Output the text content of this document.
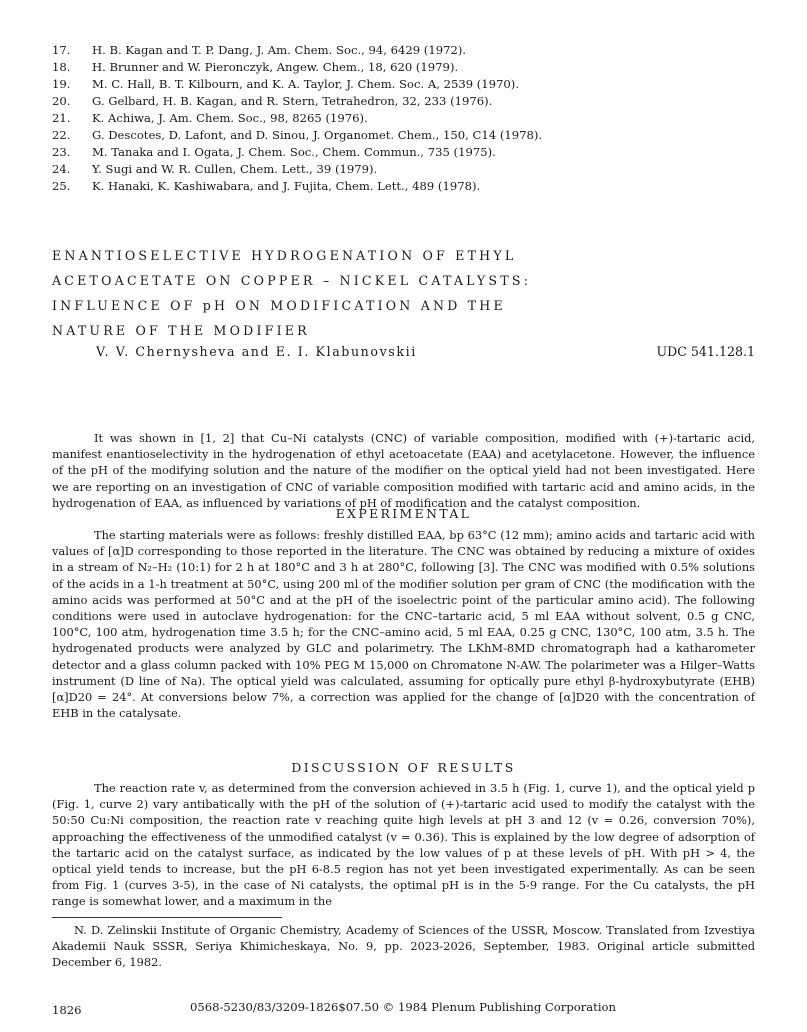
17.	H. B. Kagan and T. P. Dang, J. Am. Chem. Soc., 94, 6429 (1972).
18.	H. Brunner and W. Pieronczyk, Angew. Chem., 18, 620 (1979).
19.	M. C. Hall, B. T. Kilbourn, and K. A. Taylor, J. Chem. Soc. A, 2539 (1970).
20.	G. Gelbard, H. B. Kagan, and R. Stern, Tetrahedron, 32, 233 (1976).
21.	K. Achiwa, J. Am. Chem. Soc., 98, 8265 (1976).
22.	G. Descotes, D. Lafont, and D. Sinou, J. Organomet. Chem., 150, C14 (1978).
23.	M. Tanaka and I. Ogata, J. Chem. Soc., Chem. Commun., 735 (1975).
24.	Y. Sugi and W. R. Cullen, Chem. Lett., 39 (1979).
25.	K. Hanaki, K. Kashiwabara, and J. Fujita, Chem. Lett., 489 (1978).
ENANTIOSELECTIVE HYDROGENATION OF ETHYL
ACETOACETATE ON COPPER – NICKEL CATALYSTS:
INFLUENCE OF pH ON MODIFICATION AND THE
NATURE OF THE MODIFIER
V. V. Chernysheva and E. I. Klabunovskii	UDC 541.128.1

It was shown in [1, 2] that Cu–Ni catalysts (CNC) of variable composition, modified with (+)-tartaric acid, manifest enantioselectivity in the hydrogenation of ethyl acetoacetate (EAA) and acetylacetone. However, the influence of the pH of the modifying solution and the nature of the modifier on the optical yield had not been investigated. Here we are reporting on an investigation of CNC of variable composition modified with tartaric acid and amino acids, in the hydrogenation of EAA, as influenced by variations of pH of modification and the catalyst composition.

EXPERIMENTAL

The starting materials were as follows: freshly distilled EAA, bp 63°C (12 mm); amino acids and tartaric acid with values of [α]D corresponding to those reported in the literature. The CNC was obtained by reducing a mixture of oxides in a stream of N₂–H₂ (10:1) for 2 h at 180°C and 3 h at 280°C, following [3]. The CNC was modified with 0.5% solutions of the acids in a 1-h treatment at 50°C, using 200 ml of the modifier solution per gram of CNC (the modification with the amino acids was performed at 50°C and at the pH of the isoelectric point of the particular amino acid). The following conditions were used in autoclave hydrogenation: for the CNC–tartaric acid, 5 ml EAA without solvent, 0.5 g CNC, 100°C, 100 atm, hydrogenation time 3.5 h; for the CNC–amino acid, 5 ml EAA, 0.25 g CNC, 130°C, 100 atm, 3.5 h. The hydrogenated products were analyzed by GLC and polarimetry. The LKhM-8MD chromatograph had a katharometer detector and a glass column packed with 10% PEG M 15,000 on Chromatone N-AW. The polarimeter was a Hilger–Watts instrument (D line of Na). The optical yield was calculated, assuming for optically pure ethyl β-hydroxybutyrate (EHB) [α]D20 = 24°. At conversions below 7%, a correction was applied for the change of [α]D20 with the concentration of EHB in the catalysate.

DISCUSSION OF RESULTS

The reaction rate v, as determined from the conversion achieved in 3.5 h (Fig. 1, curve 1), and the optical yield p (Fig. 1, curve 2) vary antibatically with the pH of the solution of (+)-tartaric acid used to modify the catalyst with the 50:50 Cu:Ni composition, the reaction rate v reaching quite high levels at pH 3 and 12 (v = 0.26, conversion 70%), approaching the effectiveness of the unmodified catalyst (v = 0.36). This is explained by the low degree of adsorption of the tartaric acid on the catalyst surface, as indicated by the low values of p at these levels of pH. With pH > 4, the optical yield tends to increase, but the pH 6-8.5 region has not yet been investigated experimentally. As can be seen from Fig. 1 (curves 3-5), in the case of Ni catalysts, the optimal pH is in the 5-9 range. For the Cu catalysts, the pH range is somewhat lower, and a maximum in the

N. D. Zelinskii Institute of Organic Chemistry, Academy of Sciences of the USSR, Moscow. Translated from Izvestiya Akademii Nauk SSSR, Seriya Khimicheskaya, No. 9, pp. 2023-2026, September, 1983. Original article submitted December 6, 1982.

1826	0568-5230/83/3209-1826$07.50 © 1984 Plenum Publishing Corporation
